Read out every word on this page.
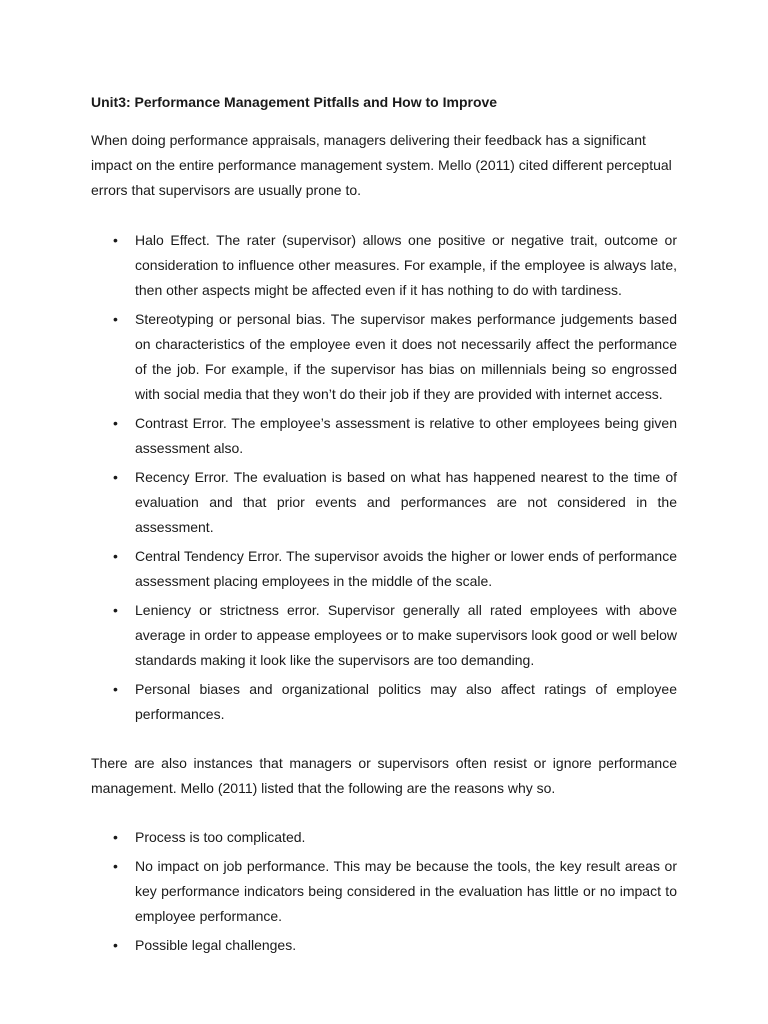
Unit3: Performance Management Pitfalls and How to Improve

When doing performance appraisals, managers delivering their feedback has a significant impact on the entire performance management system. Mello (2011) cited different perceptual errors that supervisors are usually prone to.

• Halo Effect. The rater (supervisor) allows one positive or negative trait, outcome or consideration to influence other measures. For example, if the employee is always late, then other aspects might be affected even if it has nothing to do with tardiness.
• Stereotyping or personal bias. The supervisor makes performance judgements based on characteristics of the employee even it does not necessarily affect the performance of the job. For example, if the supervisor has bias on millennials being so engrossed with social media that they won’t do their job if they are provided with internet access.
• Contrast Error. The employee’s assessment is relative to other employees being given assessment also.
• Recency Error. The evaluation is based on what has happened nearest to the time of evaluation and that prior events and performances are not considered in the assessment.
• Central Tendency Error. The supervisor avoids the higher or lower ends of performance assessment placing employees in the middle of the scale.
• Leniency or strictness error. Supervisor generally all rated employees with above average in order to appease employees or to make supervisors look good or well below standards making it look like the supervisors are too demanding.
• Personal biases and organizational politics may also affect ratings of employee performances.

There are also instances that managers or supervisors often resist or ignore performance management. Mello (2011) listed that the following are the reasons why so.

• Process is too complicated.
• No impact on job performance. This may be because the tools, the key result areas or key performance indicators being considered in the evaluation has little or no impact to employee performance.
• Possible legal challenges.
